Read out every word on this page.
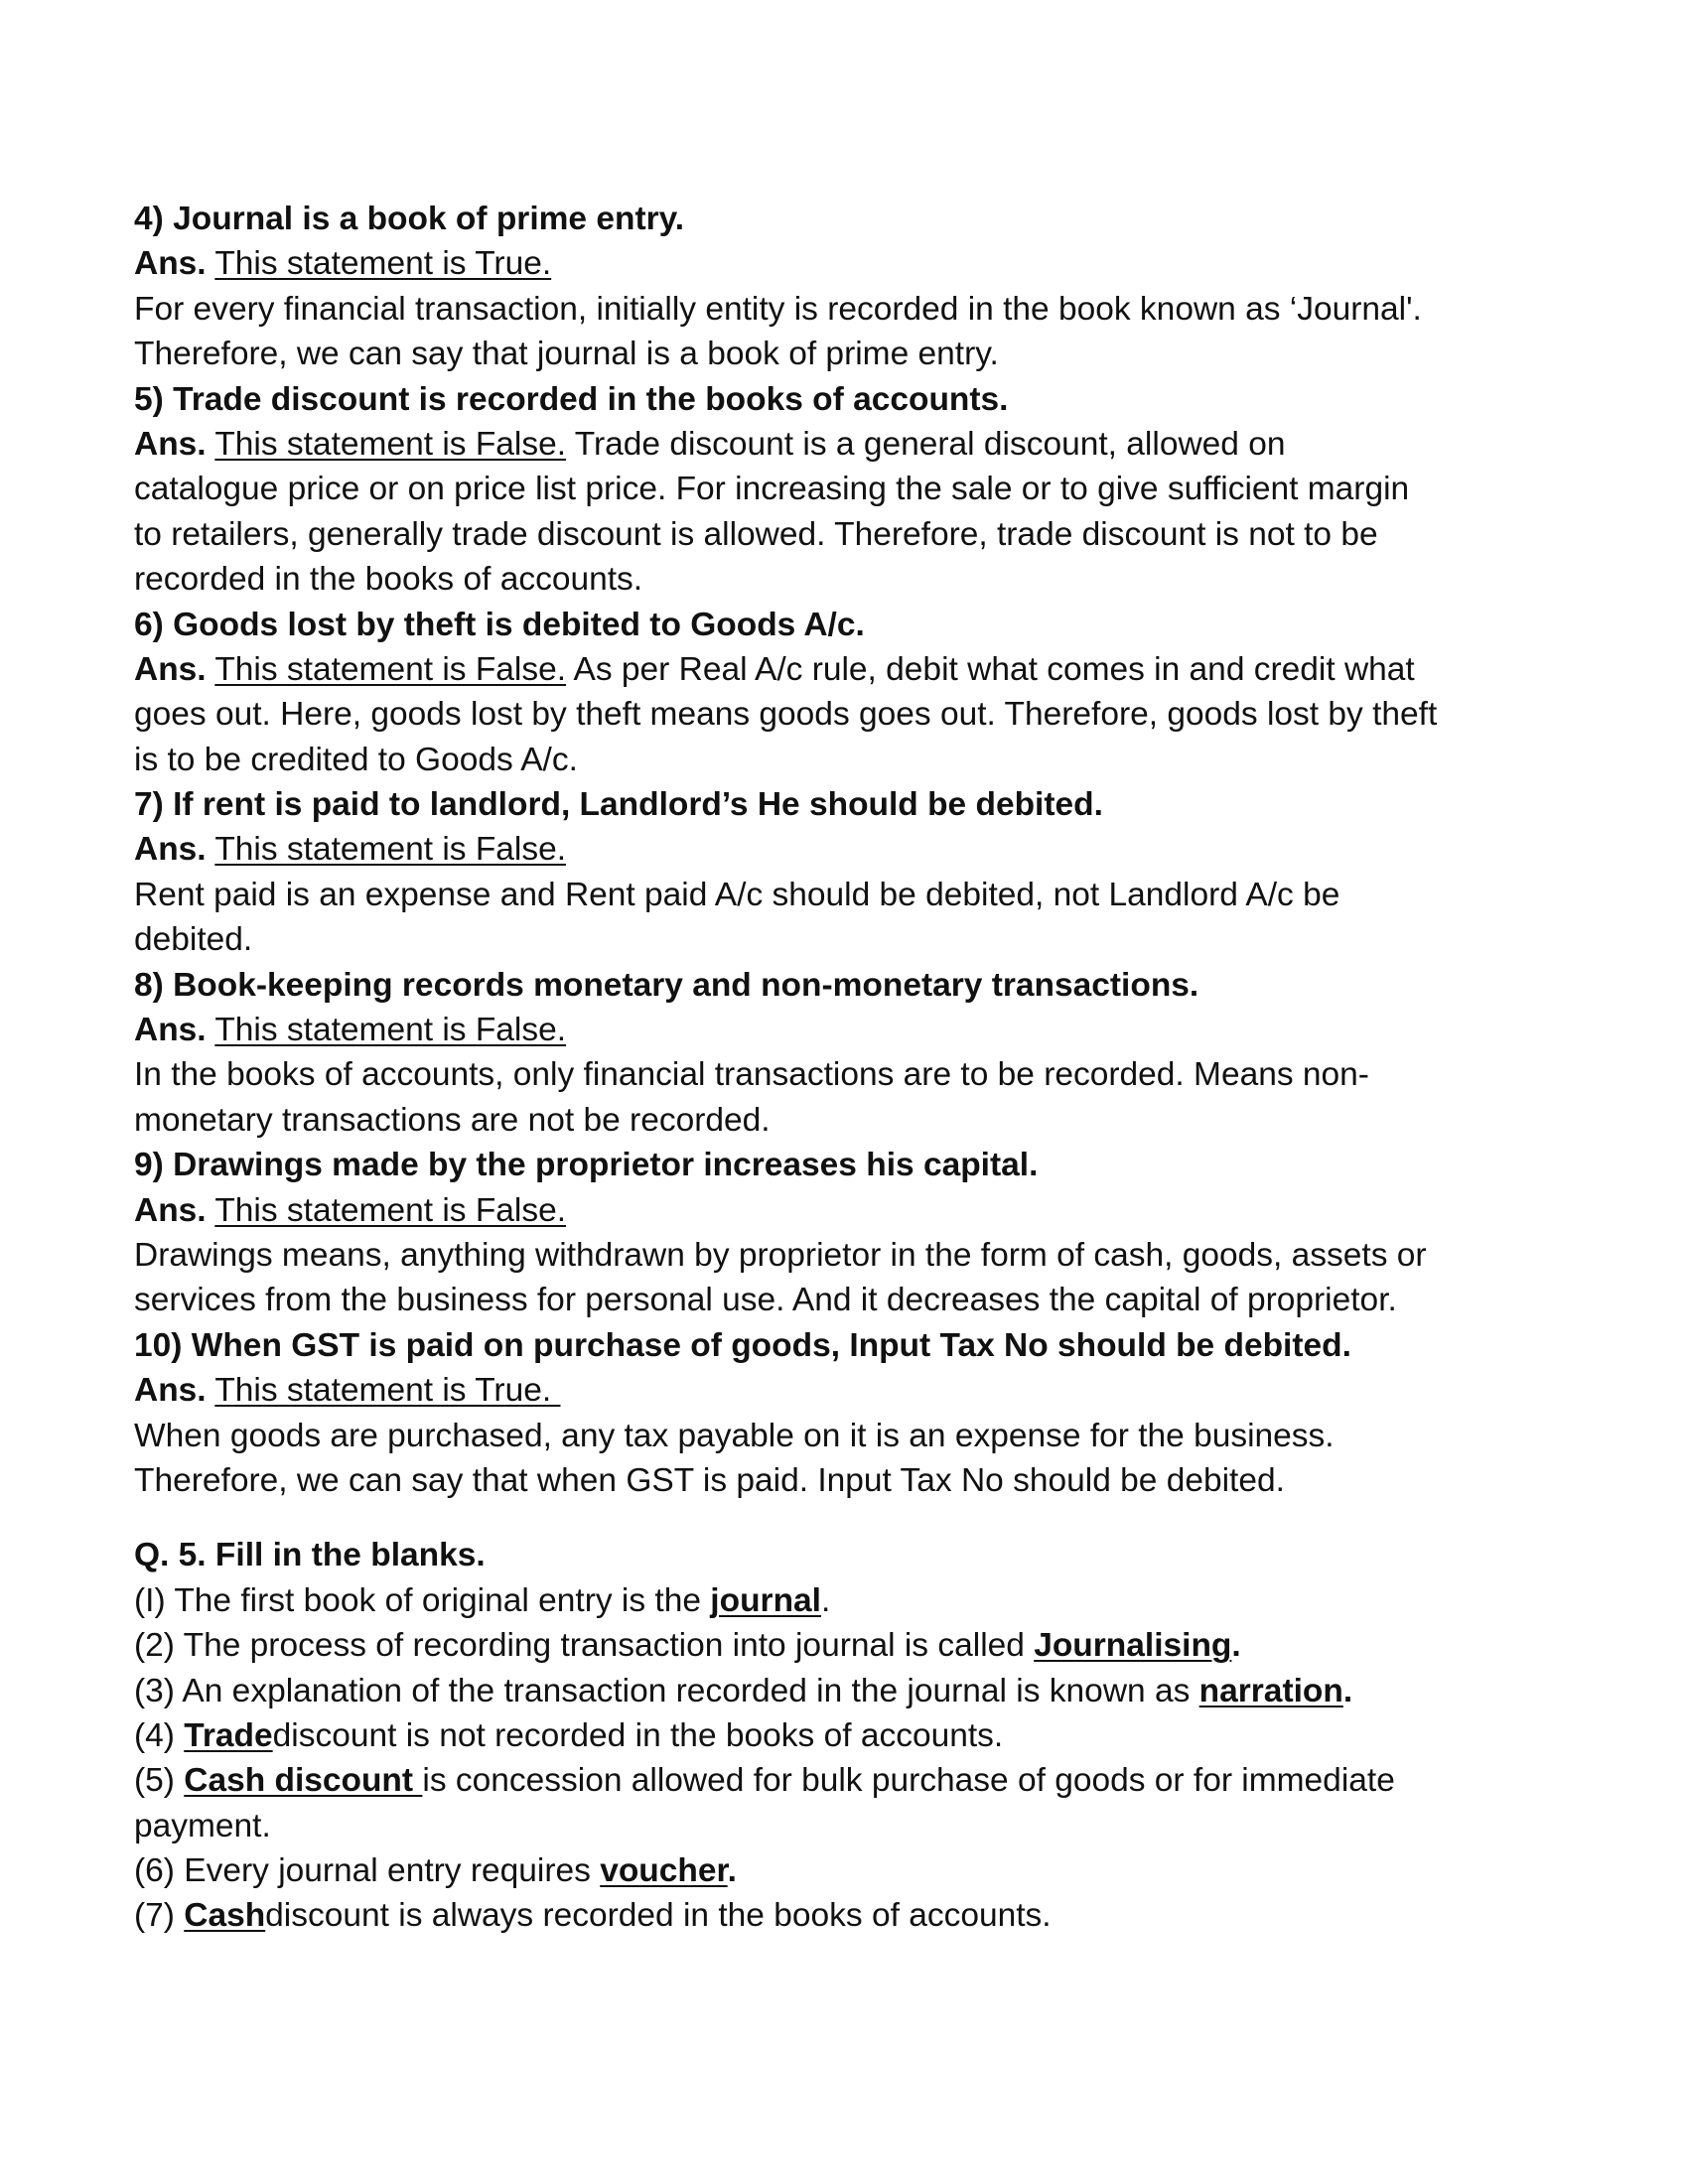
4) Journal is a book of prime entry.
Ans. This statement is True.
For every financial transaction, initially entity is recorded in the book known as ‘Journal'.
Therefore, we can say that journal is a book of prime entry.
5) Trade discount is recorded in the books of accounts.
Ans. This statement is False. Trade discount is a general discount, allowed on
catalogue price or on price list price. For increasing the sale or to give sufficient margin
to retailers, generally trade discount is allowed. Therefore, trade discount is not to be
recorded in the books of accounts.
6) Goods lost by theft is debited to Goods A/c.
Ans. This statement is False. As per Real A/c rule, debit what comes in and credit what
goes out. Here, goods lost by theft means goods goes out. Therefore, goods lost by theft
is to be credited to Goods A/c.
7) If rent is paid to landlord, Landlord’s He should be debited.
Ans. This statement is False.
Rent paid is an expense and Rent paid A/c should be debited, not Landlord A/c be
debited.
8) Book-keeping records monetary and non-monetary transactions.
Ans. This statement is False.
In the books of accounts, only financial transactions are to be recorded. Means non-
monetary transactions are not be recorded.
9) Drawings made by the proprietor increases his capital.
Ans. This statement is False.
Drawings means, anything withdrawn by proprietor in the form of cash, goods, assets or
services from the business for personal use. And it decreases the capital of proprietor.
10) When GST is paid on purchase of goods, Input Tax No should be debited.
Ans. This statement is True.
When goods are purchased, any tax payable on it is an expense for the business.
Therefore, we can say that when GST is paid. Input Tax No should be debited.
Q. 5. Fill in the blanks.
(I) The first book of original entry is the journal.
(2) The process of recording transaction into journal is called Journalising.
(3) An explanation of the transaction recorded in the journal is known as narration.
(4) Tradediscount is not recorded in the books of accounts.
(5) Cash discount is concession allowed for bulk purchase of goods or for immediate
payment.
(6) Every journal entry requires voucher.
(7) Cashdiscount is always recorded in the books of accounts.
